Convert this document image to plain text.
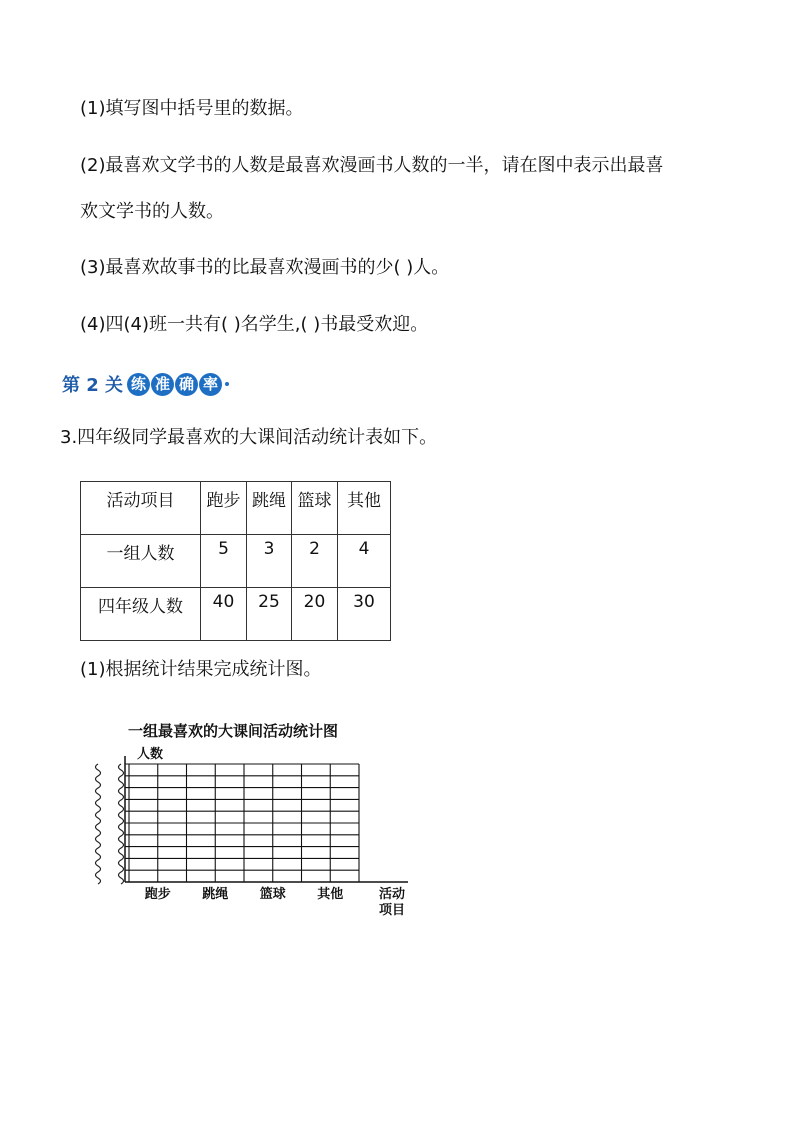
(1)填写图中括号里的数据。
(2)最喜欢文学书的人数是最喜欢漫画书人数的一半，请在图中表示出最喜
欢文学书的人数。
(3)最喜欢故事书的比最喜欢漫画书的少( )人。
(4)四(4)班一共有( )名学生,( )书最受欢迎。
第 2 关 练 准 确 率
3.四年级同学最喜欢的大课间活动统计表如下。
活动项目	跑步	跳绳	篮球	其他
一组人数	5	3	2	4
四年级人数	40	25	20	30
(1)根据统计结果完成统计图。
一组最喜欢的大课间活动统计图
人数
跑步 跳绳 篮球 其他	活动
项目
